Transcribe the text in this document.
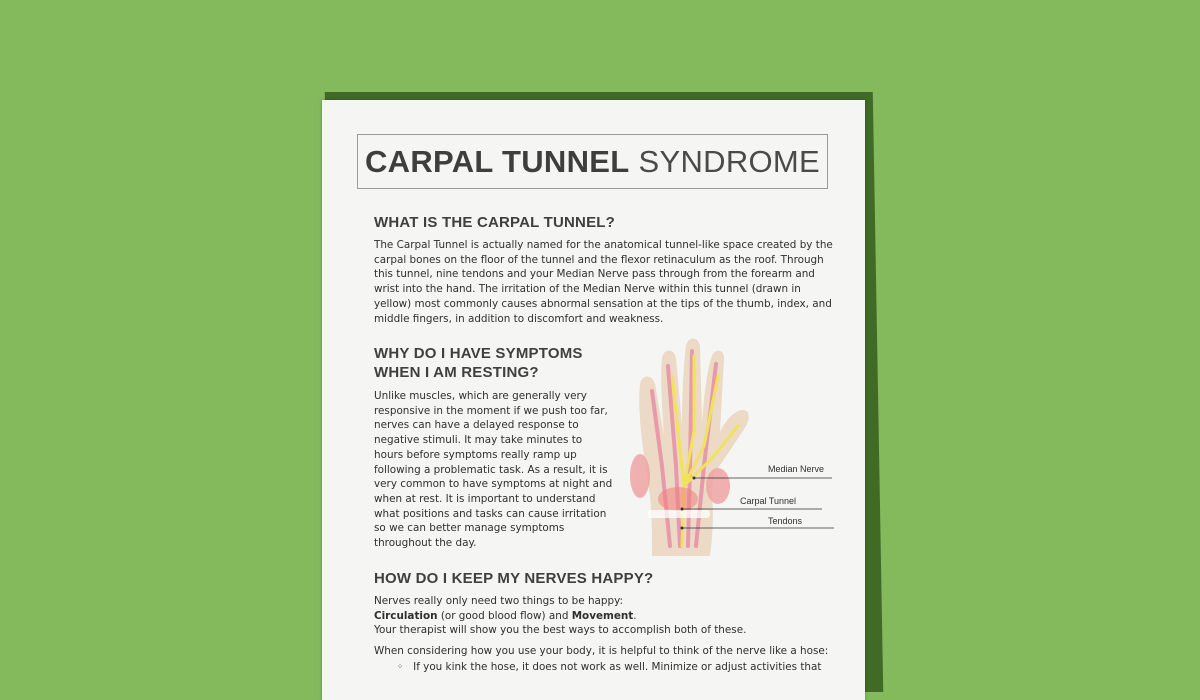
CARPAL TUNNEL SYNDROME
WHAT IS THE CARPAL TUNNEL?
The Carpal Tunnel is actually named for the anatomical tunnel-like space created by the
carpal bones on the floor of the tunnel and the flexor retinaculum as the roof. Through
this tunnel, nine tendons and your Median Nerve pass through from the forearm and
wrist into the hand. The irritation of the Median Nerve within this tunnel (drawn in
yellow) most commonly causes abnormal sensation at the tips of the thumb, index, and
middle fingers, in addition to discomfort and weakness.
WHY DO I HAVE SYMPTOMS
WHEN I AM RESTING?
Unlike muscles, which are generally very
responsive in the moment if we push too far,
nerves can have a delayed response to
negative stimuli. It may take minutes to
hours before symptoms really ramp up
following a problematic task. As a result, it is
very common to have symptoms at night and
when at rest. It is important to understand
what positions and tasks can cause irritation
so we can better manage symptoms
throughout the day.
Median Nerve
Carpal Tunnel
Tendons
HOW DO I KEEP MY NERVES HAPPY?
Nerves really only need two things to be happy:
Circulation (or good blood flow) and Movement.
Your therapist will show you the best ways to accomplish both of these.
When considering how you use your body, it is helpful to think of the nerve like a hose:
◦ If you kink the hose, it does not work as well. Minimize or adjust activities that
